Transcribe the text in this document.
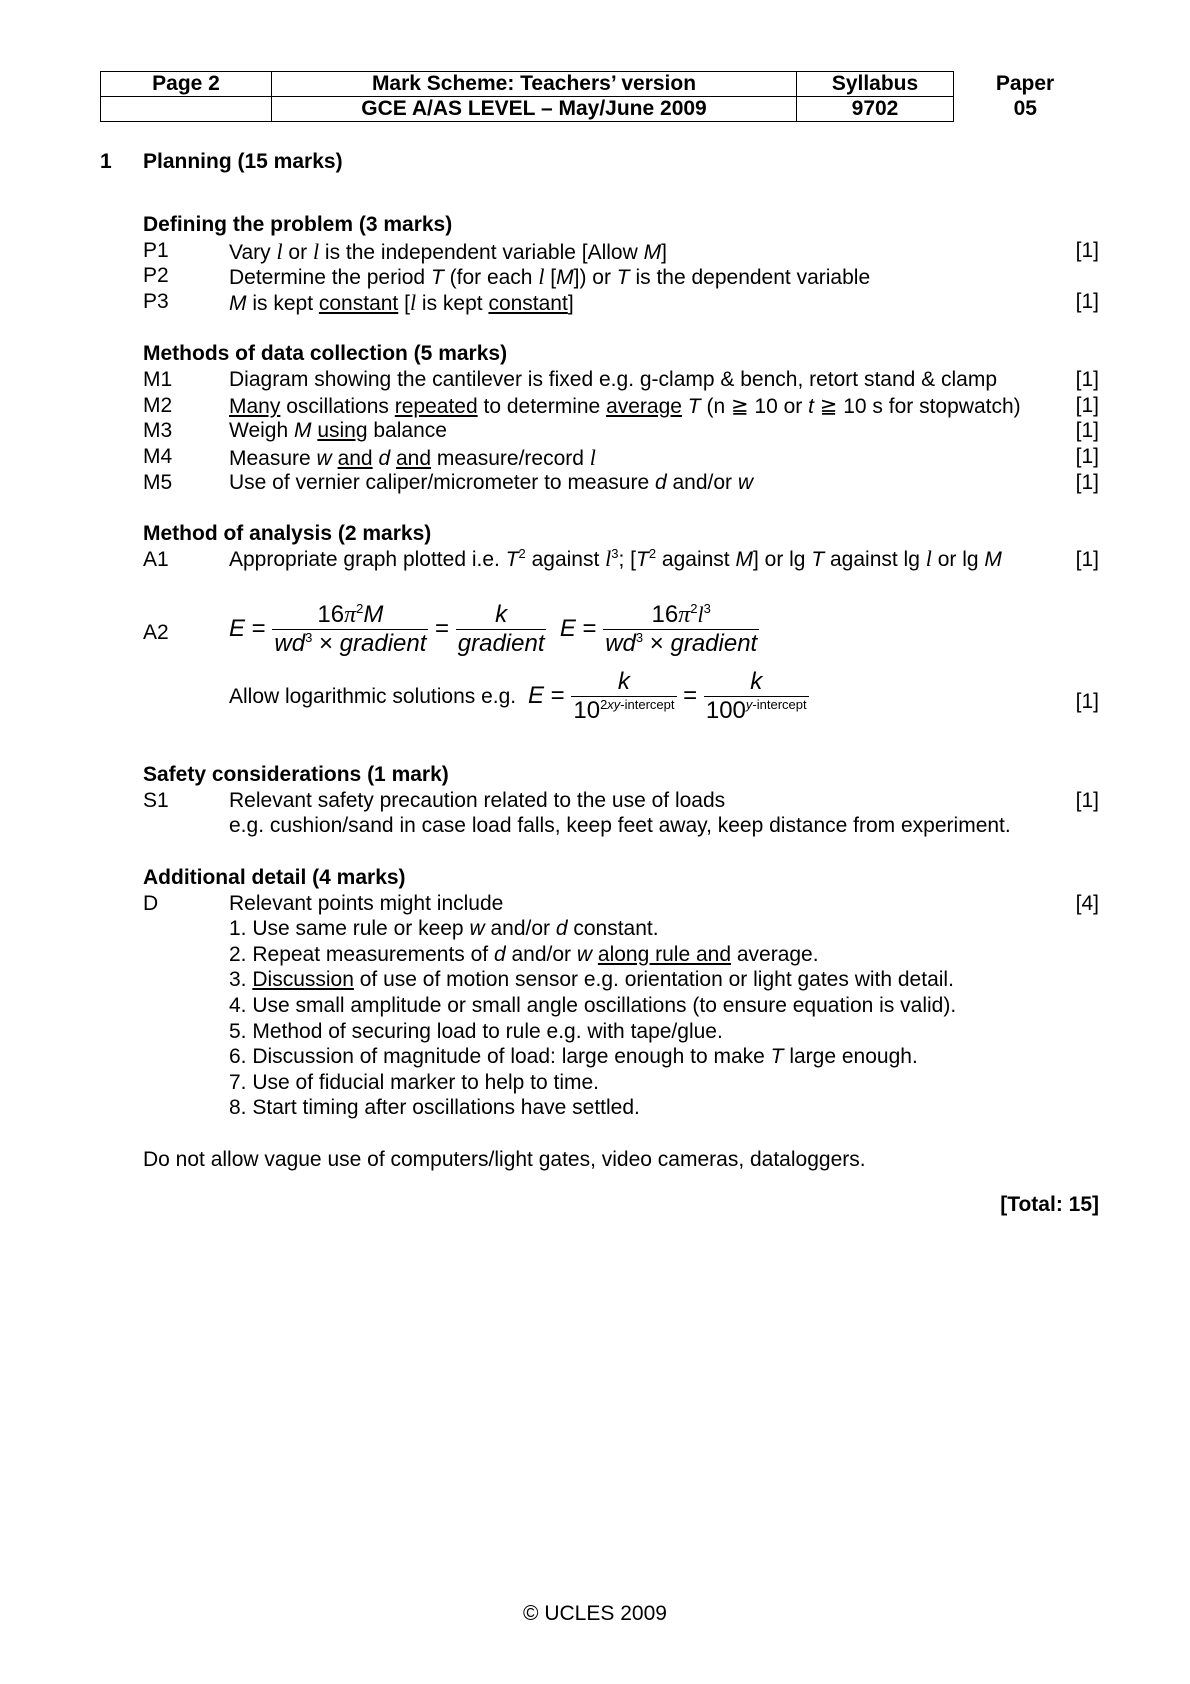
Page 2	Mark Scheme: Teachers’ version	Syllabus	Paper
	GCE A/AS LEVEL – May/June 2009	9702	05
1 Planning (15 marks)
Defining the problem (3 marks)
P1	Vary l or l is the independent variable [Allow M]	[1]
P2	Determine the period T (for each l [M]) or T is the dependent variable
P3	M is kept constant [l is kept constant]	[1]
Methods of data collection (5 marks)
M1	Diagram showing the cantilever is fixed e.g. g-clamp & bench, retort stand & clamp	[1]
M2	Many oscillations repeated to determine average T (n ≧ 10 or t ≧ 10 s for stopwatch)	[1]
M3	Weigh M using balance	[1]
M4	Measure w and d and measure/record l	[1]
M5	Use of vernier caliper/micrometer to measure d and/or w	[1]
Method of analysis (2 marks)
A1	Appropriate graph plotted i.e. $T^2$ against $l^3$; [$T^2$ against M] or lg T against lg l or lg M	[1]
A2	$E = \frac{16\pi^2M}{wd^3 \times gradient} = \frac{k}{\text{gradient}}$ $E = \frac{16\pi^2l^3}{wd^3 \times gradient}$
Allow logarithmic solutions e.g. $E = \frac{k}{10^{2xy-intercept}} = \frac{k}{100^{y-intercept}}$	[1]
Safety considerations (1 mark)
S1	Relevant safety precaution related to the use of loads	[1]
e.g. cushion/sand in case load falls, keep feet away, keep distance from experiment.
Additional detail (4 marks)
D	Relevant points might include	[4]
1. Use same rule or keep w and/or d constant.
2. Repeat measurements of d and/or w along rule and average.
3. Discussion of use of motion sensor e.g. orientation or light gates with detail.
4. Use small amplitude or small angle oscillations (to ensure equation is valid).
5. Method of securing load to rule e.g. with tape/glue.
6. Discussion of magnitude of load: large enough to make T large enough.
7. Use of fiducial marker to help to time.
8. Start timing after oscillations have settled.
Do not allow vague use of computers/light gates, video cameras, dataloggers.
[Total: 15]
© UCLES 2009
